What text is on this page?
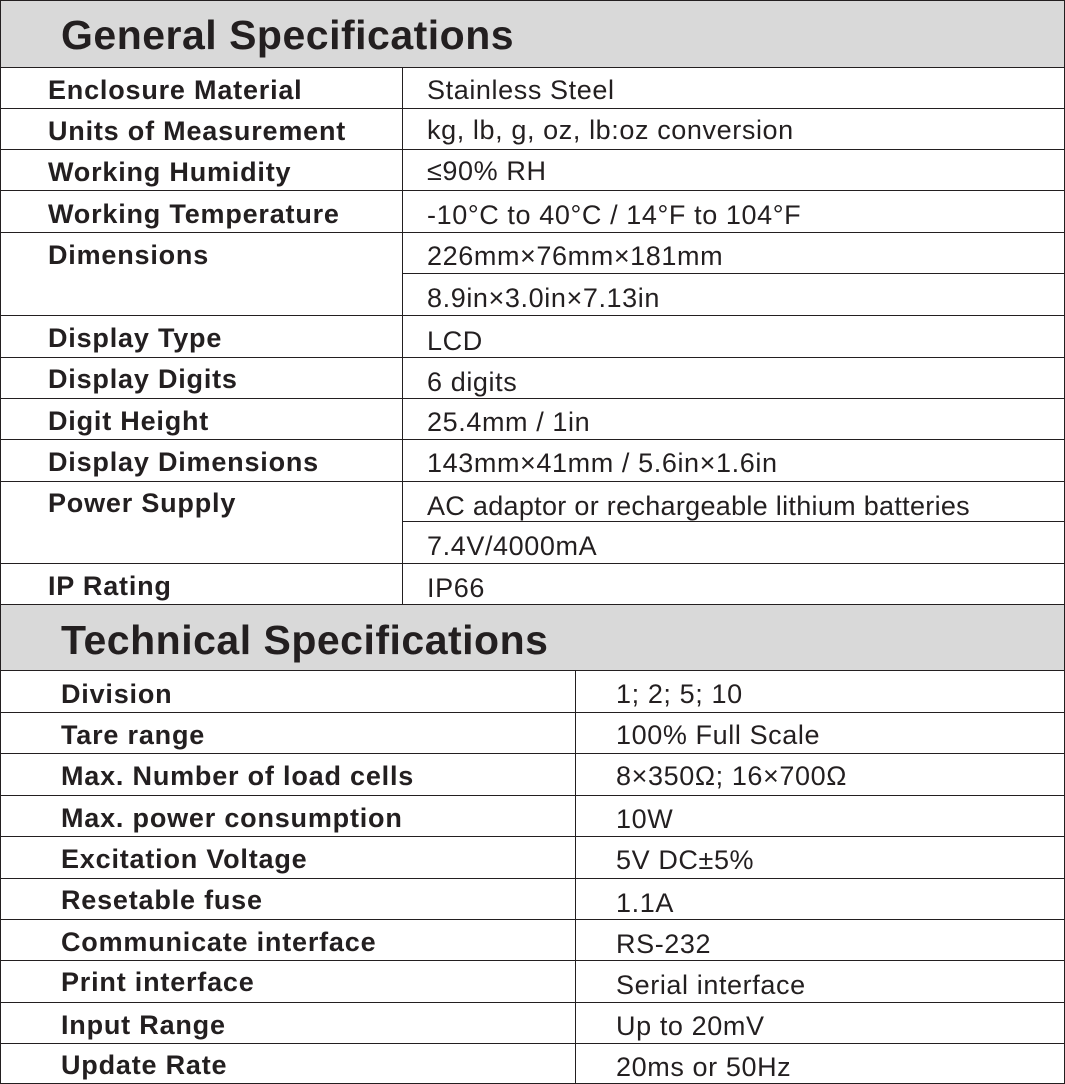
General Specifications
Enclosure Material	Stainless Steel
Units of Measurement	kg, lb, g, oz, lb:oz conversion
Working Humidity	≤90% RH
Working Temperature	-10°C to 40°C / 14°F to 104°F
Dimensions	226mm×76mm×181mm
8.9in×3.0in×7.13in
Display Type	LCD
Display Digits	6 digits
Digit Height	25.4mm / 1in
Display Dimensions	143mm×41mm / 5.6in×1.6in
Power Supply	AC adaptor or rechargeable lithium batteries
7.4V/4000mA
IP Rating	IP66
Technical Specifications
Division	1; 2; 5; 10
Tare range	100% Full Scale
Max. Number of load cells	8×350Ω; 16×700Ω
Max. power consumption	10W
Excitation Voltage	5V DC±5%
Resetable fuse	1.1A
Communicate interface	RS-232
Print interface	Serial interface
Input Range	Up to 20mV
Update Rate	20ms or 50Hz
